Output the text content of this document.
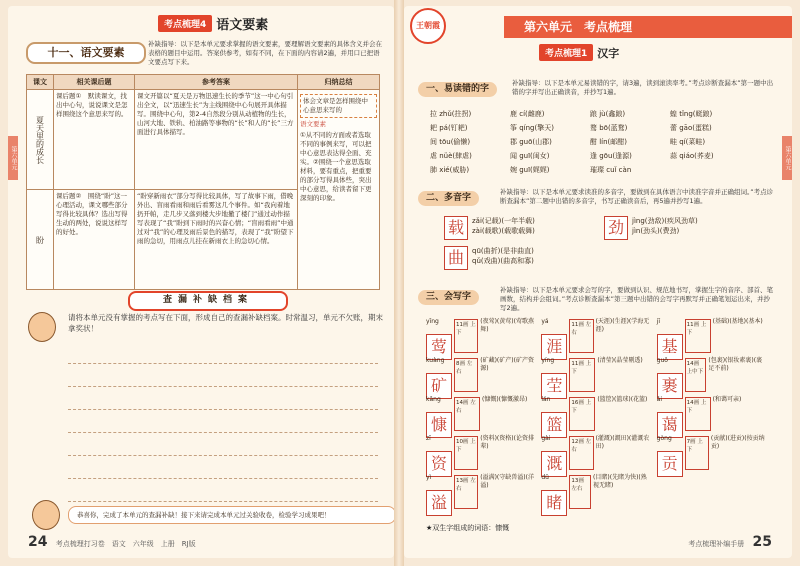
考点梳理4 语文要素
十一、语文要素
补缺指导：以下是本单元要求掌握的语文要素，要理解语文要素的具体含义并会在表格的题目中运用。答案供参考，如有不同，在下面的内容请2遍，并用口已把语文要点写下来。
课文	相关课后题	参考答案	归纳总结
夏天里的成长	课后题①　默读课文，找出中心句，说说课文是怎样围绕这个意思来写的。	课文开篇以“夏天是万物迅速生长的季节”这一中心句引出全文，以“迅速生长”为主线围绕中心句展开具体描写。围绕中心句，第2-4自然段分别从动植物的生长，山河大地、铁轨、柏油路等事物的“长”和人的“长”三方面进行具体描写。	体会文章是怎样围绕中心意思来写的
语文要素
①从不同的方面或者选取不同的事例来写，可以把中心意思表达得全面、充实。②围绕一个意思选取材料，要有重点，把重要的部分写得具体些，突出中心意思，给读者留下更深刻的印象。

盼	课后题②　围绕“盼”这一心理活动，课文哪些部分写得比较具体？选出写得生动的两处，说说这样写的好处。	“盼穿新雨衣”部分写得比较具体，写了故事下雨，借晚外出、盲雨看雨和雨后看雾这几个事件。如“我向着地扔开帕，走几步又落到楼大步地撤了楼门”通过动作描写表现了“我”盼到下雨时的兴奋心情；“盲雨看雨”中通过对“我”的心理及雨后景色的描写，表现了“我”盼望下雨的急切，用雨点儿挂在新雨衣上的急切心情。	
查漏补缺档案
请将本单元没有掌握的考点写在下面，形成自己的查漏补缺档案。时常温习，单元不欠账，期末拿奖状！
恭喜你，完成了本单元的查漏补缺！接下来请完成本单元过关验收卷，检验学习成果吧！
24 考点梳理打习卷　语文　六年级　上册　RJ版
第六单元
王朝霞	第六单元　考点梳理
考点梳理1 汉字
一、易读错的字
补缺指导：以下是本单元易读错的字，请3遍，读到滚读率考。”考点诊断查漏本”第一题中出错的字并写出正确读音，并抄写1遍。
拉 zhǔ(拄拐)	鹿 cí(雌鹿)	踉 jù(鑫踉)	蝗 tǐng(蜓踉)
耙 pá(钉耙)	筝 qíng(擎天)	鹜 bō(蓝鹜)	蕾 gāo(蛋糕)
间 tōu(偷懒)	郡 guō(山郡)	酣 lín(邮酣)	畦 qí(菜畦)
虐 nüè(肆虐)	闻 guī(闺女)	逢 gōu(逢源)	蒜 qiáo(荞麦)
肺 xié(威胁)	婉 guī(娓娓)	璀璨 cuǐ càn
二、多音字
补缺指导：以下是本单元要求读准的多音字，要做到在具体语言中读准字音并正确组词。”考点诊断查漏本”第二题中出错的多音字，书写正确读音后，再5遍并抄写1遍。
载	zǎi(记载)(一年半载)
zài(载歌)(载歌载舞)	劲	jìng(劲敌)(疾风劲草)
jìn(劲头)(费劲)
曲	qū(曲折)(是非曲直)
qǔ(戏曲)(曲高和寡)
三、会写字
补缺指导：以下是本单元要求会写的字，要做到认识、规范地书写，掌握生字的音序、部首、笔画数，结构并会组词。”考点诊断查漏本”第三题中出错的会写字再默写并正确笔划运出来，并抄写2遍。
yīng
莺
11画 上下
(夜莺)(黄莺)(莺歌燕舞)
yá
涯
11画 左右
(天涯)(生涯)(学海无涯)
jī
基
11画 上下
(基础)(基地)(基本)
kuàng
矿
8画 左右
(矿藏)(矿产)(矿产资源)
yíng
茔
11画 上下
(清莹)(晶莹剔透) guǒ
裹
14画 上中下
(包裹)(银妆素裹)(裹足不前)
kāng
慷
14画 左右
(慷慨)(慷慨激昂) lán
篮
16画 上下
(篮筐)(篮球)(花篮) ǎi
蔼
14画 上下
(和蔼可亲)
zī
资
10画 上下
(资料)(资格)(论资排辈)
gài
溉
12画 左右
(灌溉)(溉田)(灌溉农田)
gòng
贡
7画 上下
(贡献)(进贡)(按贡纳贡)
yì
溢
13画 左右
(溢满)(守缺兽溢)(洋溢)
dǔ
睹
13画 左右
(目睹)(先睹为快)(熟视无睹)
★双生字组成的词语：慷慨
考点梳理补编手册 25
第六单元
